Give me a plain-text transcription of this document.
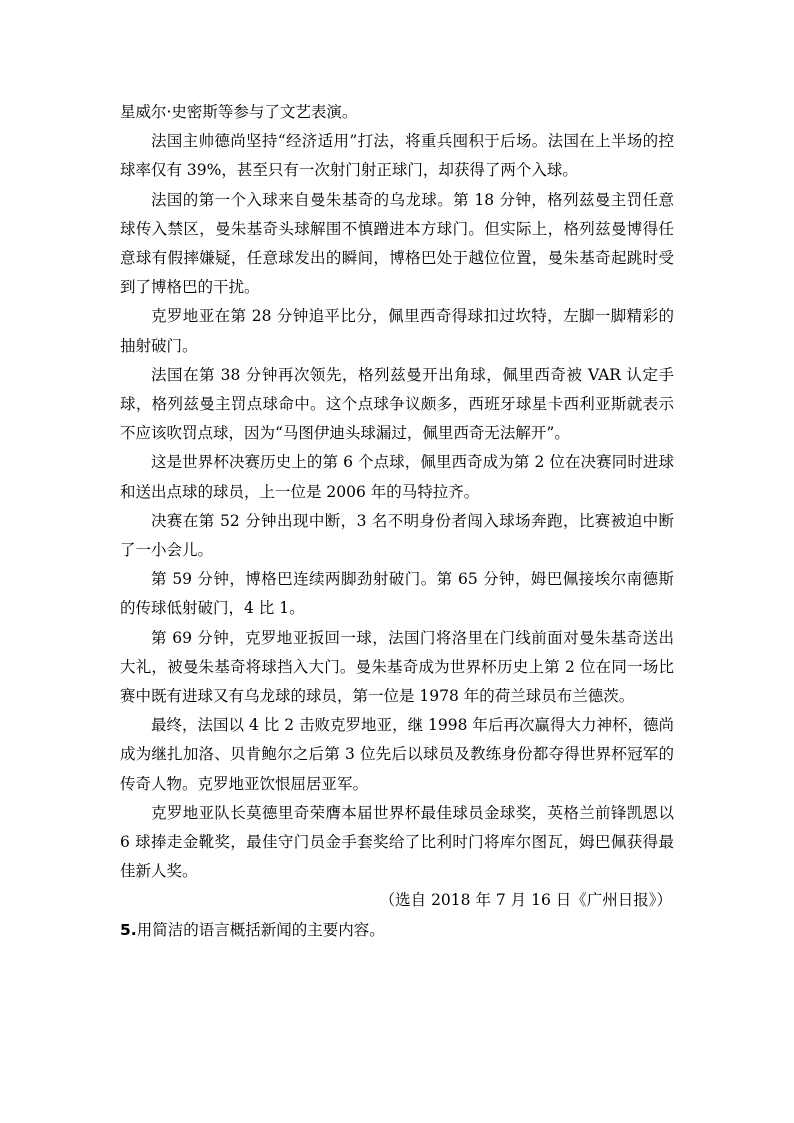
星威尔·史密斯等参与了文艺表演。

法国主帅德尚坚持“经济适用”打法，将重兵囤积于后场。法国在上半场的控球率仅有 39%，甚至只有一次射门射正球门，却获得了两个入球。

法国的第一个入球来自曼朱基奇的乌龙球。第 18 分钟，格列兹曼主罚任意球传入禁区，曼朱基奇头球解围不慎蹭进本方球门。但实际上，格列兹曼博得任意球有假摔嫌疑，任意球发出的瞬间，博格巴处于越位位置，曼朱基奇起跳时受到了博格巴的干扰。

克罗地亚在第 28 分钟追平比分，佩里西奇得球扣过坎特，左脚一脚精彩的抽射破门。

法国在第 38 分钟再次领先，格列兹曼开出角球，佩里西奇被 VAR 认定手球，格列兹曼主罚点球命中。这个点球争议颇多，西班牙球星卡西利亚斯就表示不应该吹罚点球，因为“马图伊迪头球漏过，佩里西奇无法解开”。

这是世界杯决赛历史上的第 6 个点球，佩里西奇成为第 2 位在决赛同时进球和送出点球的球员，上一位是 2006 年的马特拉齐。

决赛在第 52 分钟出现中断，3 名不明身份者闯入球场奔跑，比赛被迫中断了一小会儿。

第 59 分钟，博格巴连续两脚劲射破门。第 65 分钟，姆巴佩接埃尔南德斯的传球低射破门，4 比 1。

第 69 分钟，克罗地亚扳回一球，法国门将洛里在门线前面对曼朱基奇送出大礼，被曼朱基奇将球挡入大门。曼朱基奇成为世界杯历史上第 2 位在同一场比赛中既有进球又有乌龙球的球员，第一位是 1978 年的荷兰球员布兰德茨。

最终，法国以 4 比 2 击败克罗地亚，继 1998 年后再次赢得大力神杯，德尚成为继扎加洛、贝肯鲍尔之后第 3 位先后以球员及教练身份都夺得世界杯冠军的传奇人物。克罗地亚饮恨屈居亚军。

克罗地亚队长莫德里奇荣膺本届世界杯最佳球员金球奖，英格兰前锋凯恩以 6 球捧走金靴奖，最佳守门员金手套奖给了比利时门将库尔图瓦，姆巴佩获得最佳新人奖。

（选自 2018 年 7 月 16 日《广州日报》）

5.用简洁的语言概括新闻的主要内容。
